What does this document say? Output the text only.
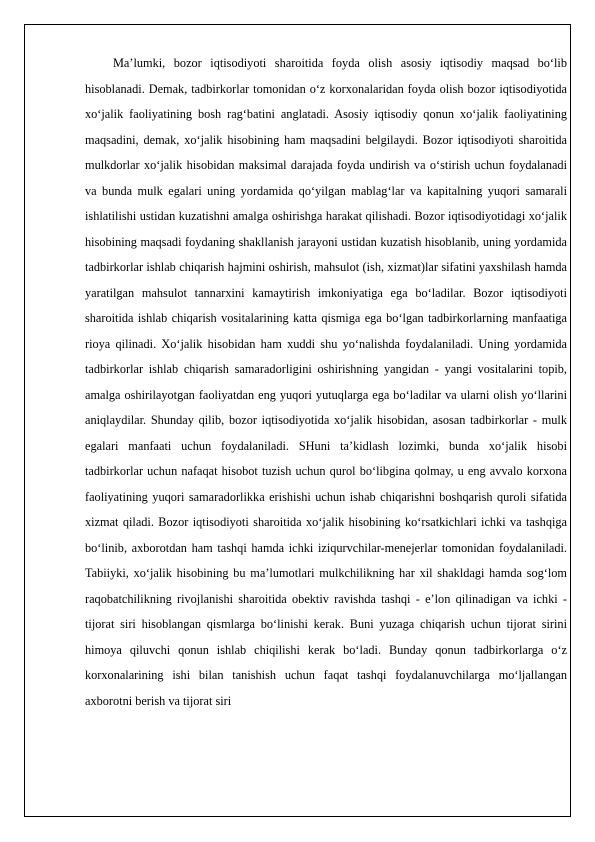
Ma’lumki, bozor iqtisodiyoti sharoitida foyda olish asosiy iqtisodiy maqsad bo‘lib hisoblanadi. Demak, tadbirkorlar tomonidan o‘z korxonalaridan foyda olish bozor iqtisodiyotida xo‘jalik faoliyatining bosh rag‘batini anglatadi. Asosiy iqtisodiy qonun xo‘jalik faoliyatining maqsadini, demak, xo‘jalik hisobining ham maqsadini belgilaydi. Bozor iqtisodiyoti sharoitida mulkdorlar xo‘jalik hisobidan maksimal darajada foyda undirish va o‘stirish uchun foydalanadi va bunda mulk egalari uning yordamida qo‘yilgan mablag‘lar va kapitalning yuqori samarali ishlatilishi ustidan kuzatishni amalga oshirishga harakat qilishadi. Bozor iqtisodiyotidagi xo‘jalik hisobining maqsadi foydaning shakllanish jarayoni ustidan kuzatish hisoblanib, uning yordamida tadbirkorlar ishlab chiqarish hajmini oshirish, mahsulot (ish, xizmat)lar sifatini yaxshilash hamda yaratilgan mahsulot tannarxini kamaytirish imkoniyatiga ega bo‘ladilar. Bozor iqtisodiyoti sharoitida ishlab chiqarish vositalarining katta qismiga ega bo‘lgan tadbirkorlarning manfaatiga rioya qilinadi. Xo‘jalik hisobidan ham xuddi shu yo‘nalishda foydalaniladi. Uning yordamida tadbirkorlar ishlab chiqarish samaradorligini oshirishning yangidan - yangi vositalarini topib, amalga oshirilayotgan faoliyatdan eng yuqori yutuqlarga ega bo‘ladilar va ularni olish yo‘llarini aniqlaydilar. Shunday qilib, bozor iqtisodiyotida xo‘jalik hisobidan, asosan tadbirkorlar - mulk egalari manfaati uchun foydalaniladi. SHuni ta’kidlash lozimki, bunda xo‘jalik hisobi tadbirkorlar uchun nafaqat hisobot tuzish uchun qurol bo‘libgina qolmay, u eng avvalo korxona faoliyatining yuqori samaradorlikka erishishi uchun ishab chiqarishni boshqarish quroli sifatida xizmat qiladi. Bozor iqtisodiyoti sharoitida xo‘jalik hisobining ko‘rsatkichlari ichki va tashqiga bo‘linib, axborotdan ham tashqi hamda ichki iziqurvchilar-menejerlar tomonidan foydalaniladi. Tabiiyki, xo‘jalik hisobining bu ma’lumotlari mulkchilikning har xil shakldagi hamda sog‘lom raqobatchilikning rivojlanishi sharoitida obektiv ravishda tashqi - e’lon qilinadigan va ichki - tijorat siri hisoblangan qismlarga bo‘linishi kerak. Buni yuzaga chiqarish uchun tijorat sirini himoya qiluvchi qonun ishlab chiqilishi kerak bo‘ladi. Bunday qonun tadbirkorlarga o‘z korxonalarining ishi bilan tanishish uchun faqat tashqi foydalanuvchilarga mo‘ljallangan axborotni berish va tijorat siri
